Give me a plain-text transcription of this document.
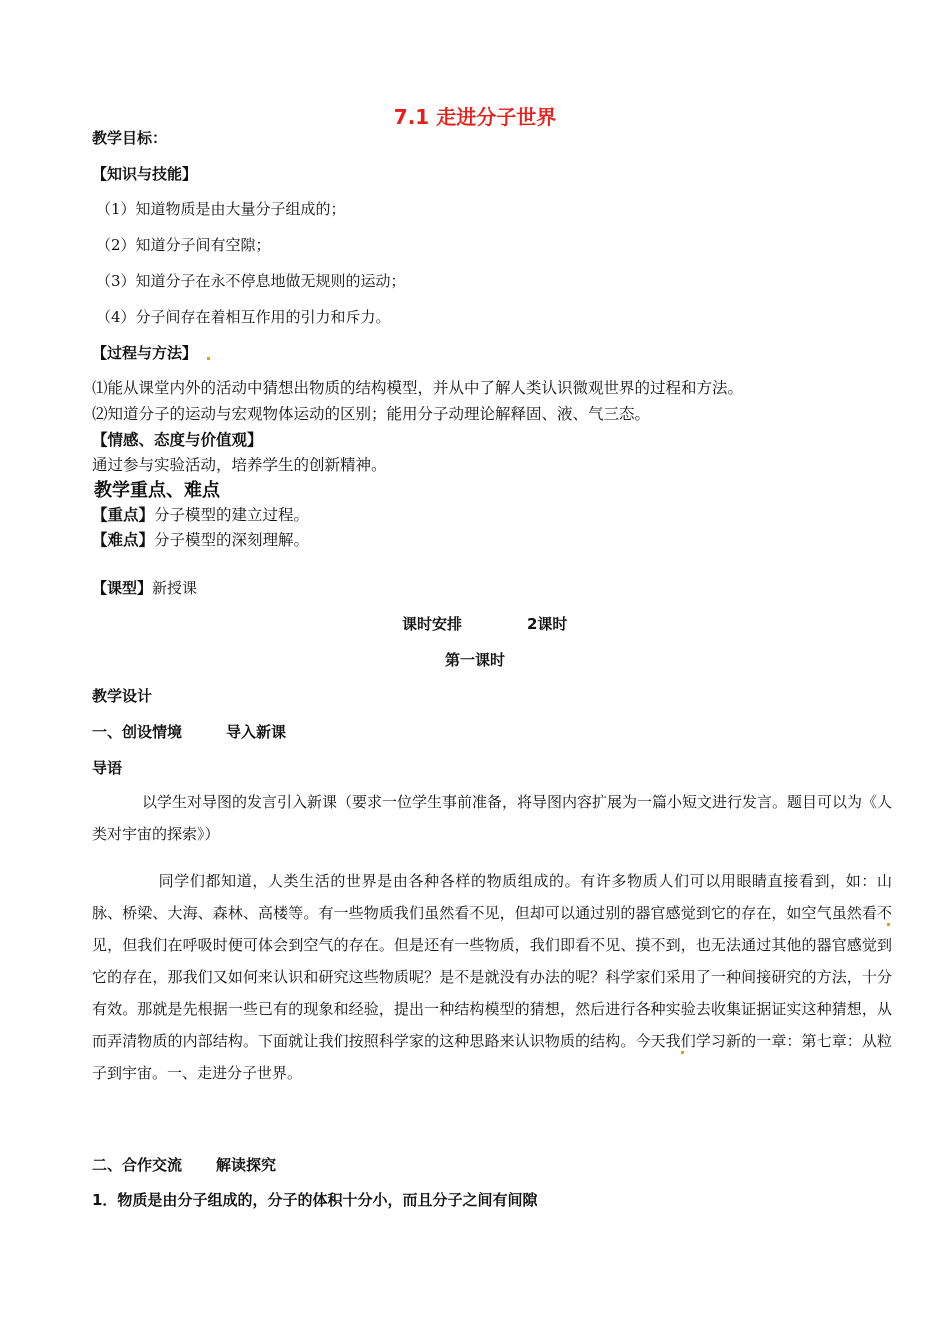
7.1 走进分子世界
教学目标：
【知识与技能】
（1）知道物质是由大量分子组成的；
（2）知道分子间有空隙；
（3）知道分子在永不停息地做无规则的运动；
（4）分子间存在着相互作用的引力和斥力。
【过程与方法】
⑴能从课堂内外的活动中猜想出物质的结构模型，并从中了解人类认识微观世界的过程和方法。
⑵知道分子的运动与宏观物体运动的区别；能用分子动理论解释固、液、气三态。
【情感、态度与价值观】
通过参与实验活动，培养学生的创新精神。
教学重点、难点
【重点】分子模型的建立过程。
【难点】分子模型的深刻理解。
【课型】新授课
课时安排	2课时
第一课时
教学设计
一、创设情境	导入新课
导语
以学生对导图的发言引入新课（要求一位学生事前准备，将导图内容扩展为一篇小短文进行发言。题目可以为《人类对宇宙的探索》）
同学们都知道，人类生活的世界是由各种各样的物质组成的。有许多物质人们可以用眼睛直接看到，如：山脉、桥梁、大海、森林、高楼等。有一些物质我们虽然看不见，但却可以通过别的器官感觉到它的存在，如空气虽然看不见，但我们在呼吸时便可体会到空气的存在。但是还有一些物质，我们即看不见、摸不到，也无法通过其他的器官感觉到它的存在，那我们又如何来认识和研究这些物质呢？是不是就没有办法的呢？科学家们采用了一种间接研究的方法，十分有效。那就是先根据一些已有的现象和经验，提出一种结构模型的猜想，然后进行各种实验去收集证据证实这种猜想，从而弄清物质的内部结构。下面就让我们按照科学家的这种思路来认识物质的结构。今天我们学习新的一章：第七章：从粒子到宇宙。一、走进分子世界。
二、合作交流 解读探究
1．物质是由分子组成的，分子的体积十分小，而且分子之间有间隙
